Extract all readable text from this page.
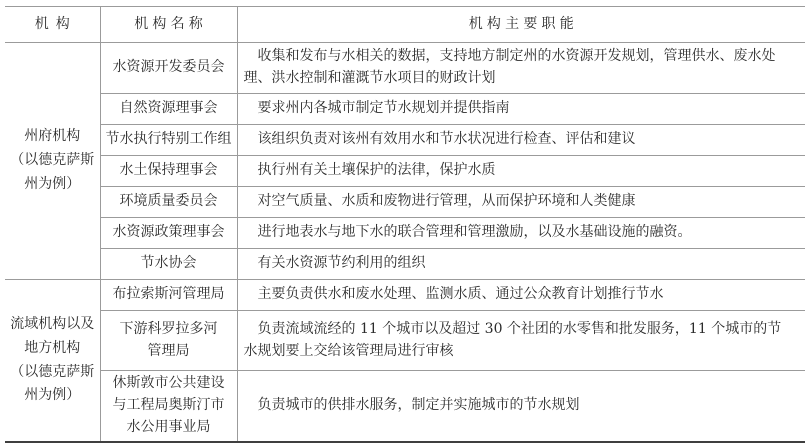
机构	机构名称	机构主要职能

州府机构
（以德克萨斯
州为例）	水资源开发委员会	收集和发布与水相关的数据，支持地方制定州的水资源开发规划，管理供水、废水处理、洪水控制和灌溉节水项目的财政计划
	自然资源理事会	要求州内各城市制定节水规划并提供指南
	节水执行特别工作组	该组织负责对该州有效用水和节水状况进行检查、评估和建议
	水土保持理事会	执行州有关土壤保护的法律，保护水质
	环境质量委员会	对空气质量、水质和废物进行管理，从而保护环境和人类健康
	水资源政策理事会	进行地表水与地下水的联合管理和管理激励，以及水基础设施的融资。
	节水协会	有关水资源节约利用的组织

流域机构以及
地方机构
（以德克萨斯
州为例）	布拉索斯河管理局	主要负责供水和废水处理、监测水质、通过公众教育计划推行节水

	下游科罗拉多河
管理局	负责流域流经的 11 个城市以及超过 30 个社团的水零售和批发服务，11 个城市的节水规划要上交给该管理局进行审核

	休斯敦市公共建设
与工程局奥斯汀市
水公用事业局	负责城市的供排水服务，制定并实施城市的节水规划
